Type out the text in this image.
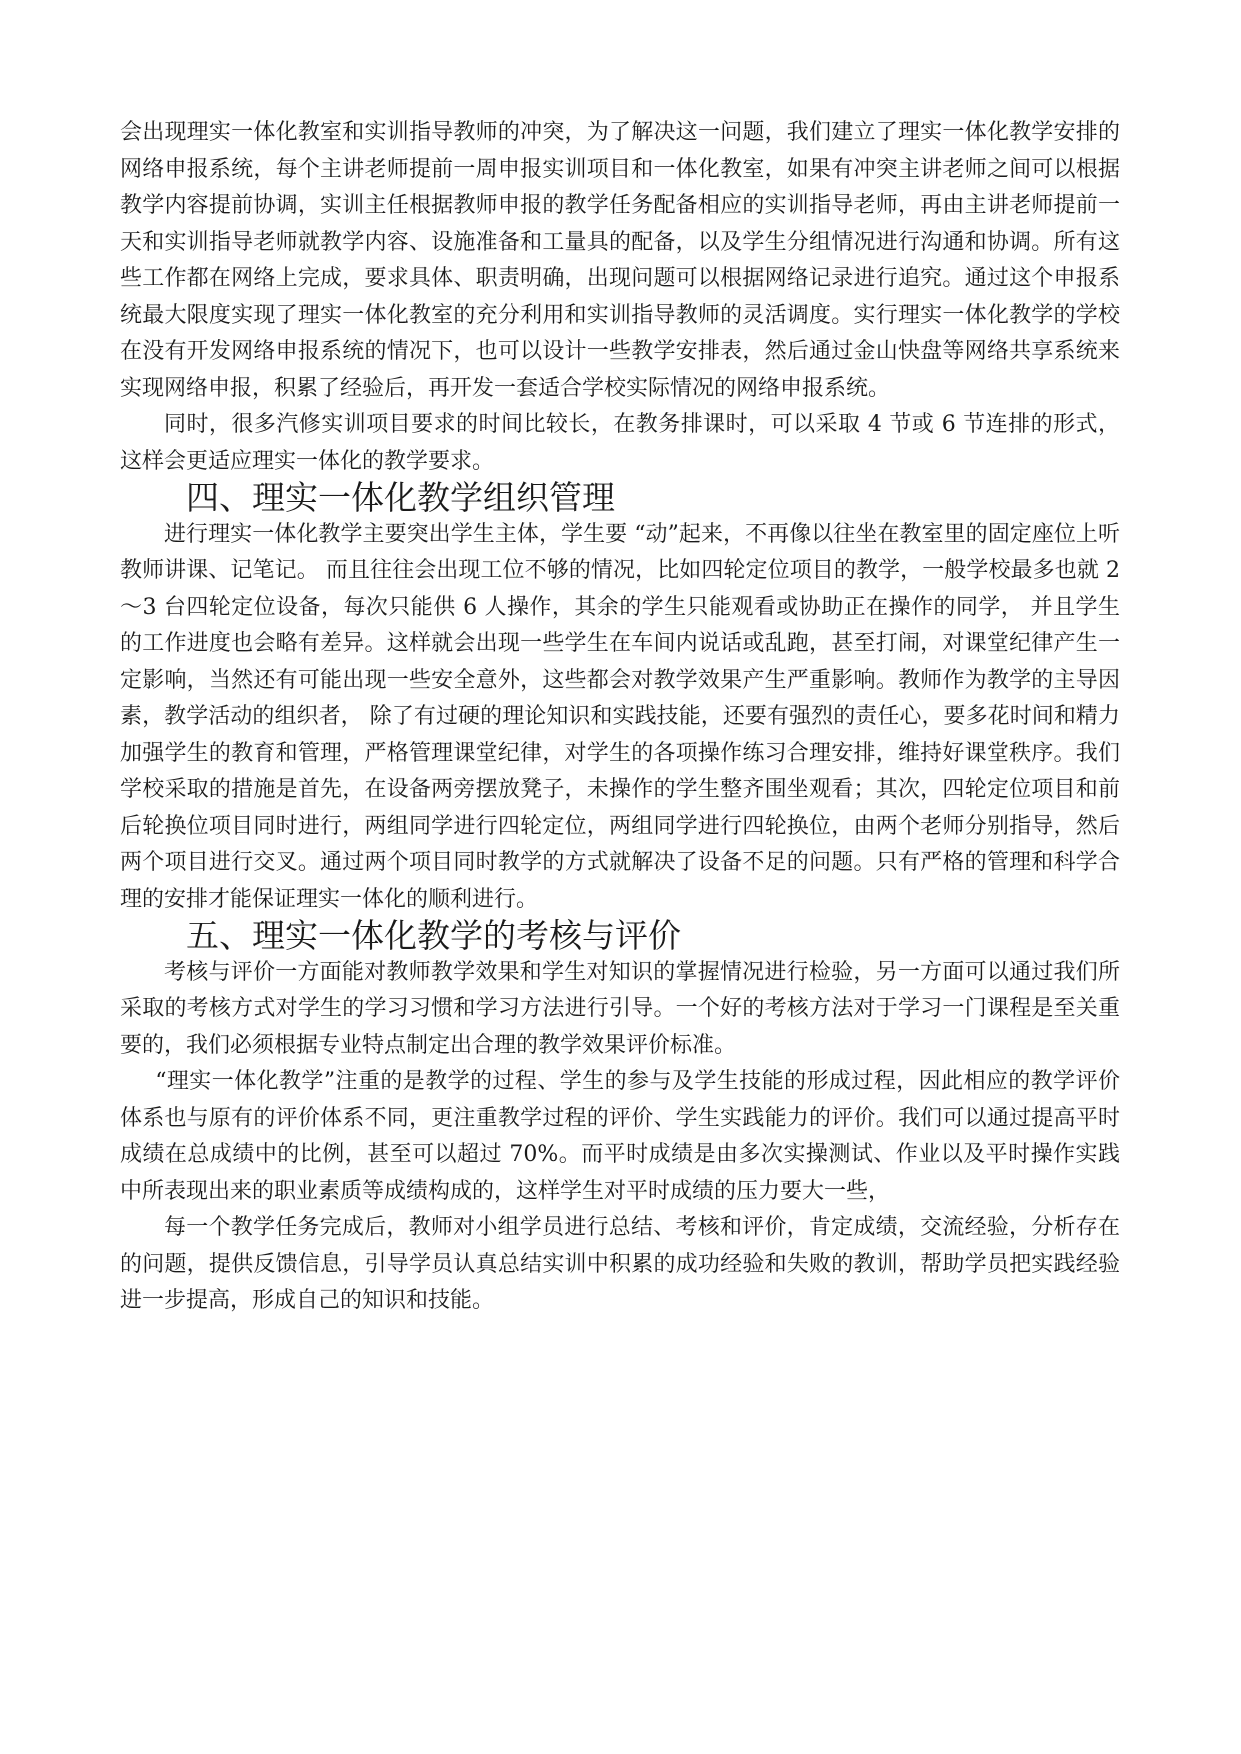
会出现理实一体化教室和实训指导教师的冲突，为了解决这一问题，我们建立了理实一体化教学安排的网络申报系统，每个主讲老师提前一周申报实训项目和一体化教室，如果有冲突主讲老师之间可以根据教学内容提前协调，实训主任根据教师申报的教学任务配备相应的实训指导老师，再由主讲老师提前一天和实训指导老师就教学内容、设施准备和工量具的配备，以及学生分组情况进行沟通和协调。所有这些工作都在网络上完成，要求具体、职责明确，出现问题可以根据网络记录进行追究。通过这个申报系统最大限度实现了理实一体化教室的充分利用和实训指导教师的灵活调度。实行理实一体化教学的学校在没有开发网络申报系统的情况下，也可以设计一些教学安排表，然后通过金山快盘等网络共享系统来实现网络申报，积累了经验后，再开发一套适合学校实际情况的网络申报系统。

同时，很多汽修实训项目要求的时间比较长，在教务排课时，可以采取 4 节或 6 节连排的形式，这样会更适应理实一体化的教学要求。

四、理实一体化教学组织管理

进行理实一体化教学主要突出学生主体，学生要 “动”起来，不再像以往坐在教室里的固定座位上听教师讲课、记笔记。 而且往往会出现工位不够的情况，比如四轮定位项目的教学，一般学校最多也就 2～3 台四轮定位设备，每次只能供 6 人操作，其余的学生只能观看或协助正在操作的同学， 并且学生的工作进度也会略有差异。这样就会出现一些学生在车间内说话或乱跑，甚至打闹，对课堂纪律产生一定影响，当然还有可能出现一些安全意外，这些都会对教学效果产生严重影响。教师作为教学的主导因素，教学活动的组织者， 除了有过硬的理论知识和实践技能，还要有强烈的责任心，要多花时间和精力加强学生的教育和管理，严格管理课堂纪律，对学生的各项操作练习合理安排，维持好课堂秩序。我们学校采取的措施是首先，在设备两旁摆放凳子，未操作的学生整齐围坐观看；其次，四轮定位项目和前后轮换位项目同时进行，两组同学进行四轮定位，两组同学进行四轮换位，由两个老师分别指导，然后两个项目进行交叉。通过两个项目同时教学的方式就解决了设备不足的问题。只有严格的管理和科学合理的安排才能保证理实一体化的顺利进行。

五、理实一体化教学的考核与评价

考核与评价一方面能对教师教学效果和学生对知识的掌握情况进行检验，另一方面可以通过我们所采取的考核方式对学生的学习习惯和学习方法进行引导。一个好的考核方法对于学习一门课程是至关重要的，我们必须根据专业特点制定出合理的教学效果评价标准。

“理实一体化教学”注重的是教学的过程、学生的参与及学生技能的形成过程，因此相应的教学评价体系也与原有的评价体系不同，更注重教学过程的评价、学生实践能力的评价。我们可以通过提高平时成绩在总成绩中的比例，甚至可以超过 70%。而平时成绩是由多次实操测试、作业以及平时操作实践中所表现出来的职业素质等成绩构成的，这样学生对平时成绩的压力要大一些，

每一个教学任务完成后，教师对小组学员进行总结、考核和评价，肯定成绩，交流经验，分析存在的问题，提供反馈信息，引导学员认真总结实训中积累的成功经验和失败的教训，帮助学员把实践经验进一步提高，形成自己的知识和技能。
